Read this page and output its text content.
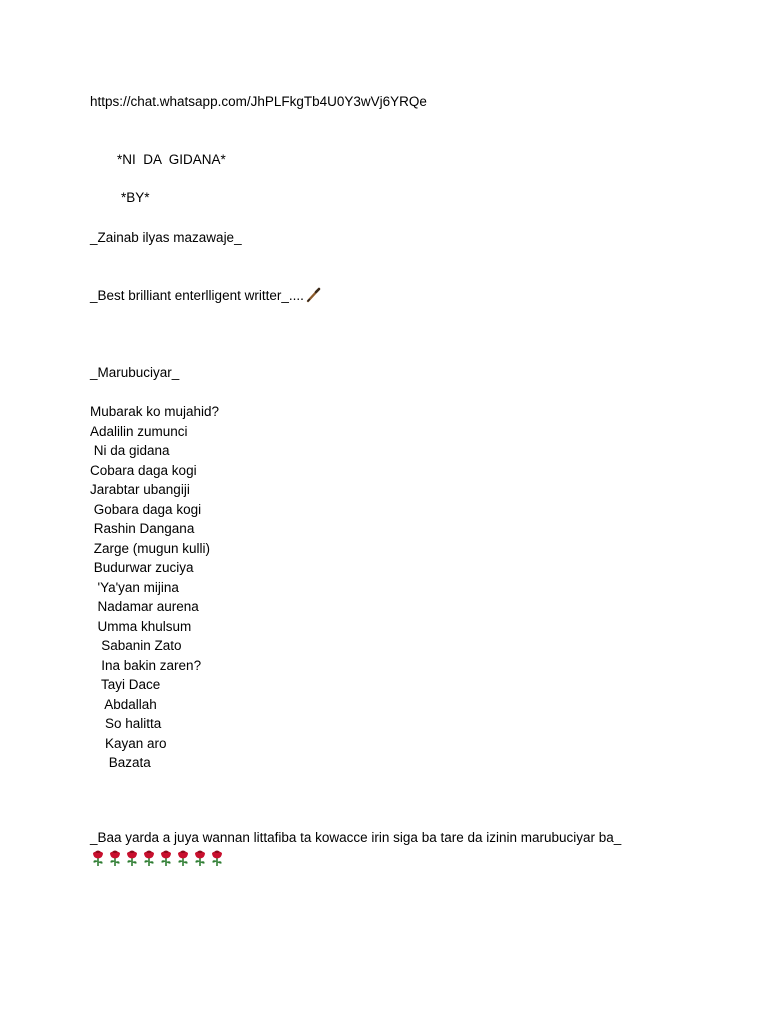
https://chat.whatsapp.com/JhPLFkgTb4U0Y3wVj6YRQe
*NI  DA  GIDANA*
*BY*
_Zainab ilyas mazawaje_
_Best brilliant enterlligent writter_....
_Marubuciyar_
Mubarak ko mujahid?
Adalilin zumunci
Ni da gidana
Cobara daga kogi
Jarabtar ubangiji
Gobara daga kogi
Rashin Dangana
Zarge (mugun kulli)
Budurwar zuciya
'Ya'yan mijina
Nadamar aurena
Umma khulsum
Sabanin Zato
Ina bakin zaren?
Tayi Dace
Abdallah
So halitta
Kayan aro
Bazata
_Baa yarda a juya wannan littafiba ta kowacce irin siga ba tare da izinin marubuciyar ba_
